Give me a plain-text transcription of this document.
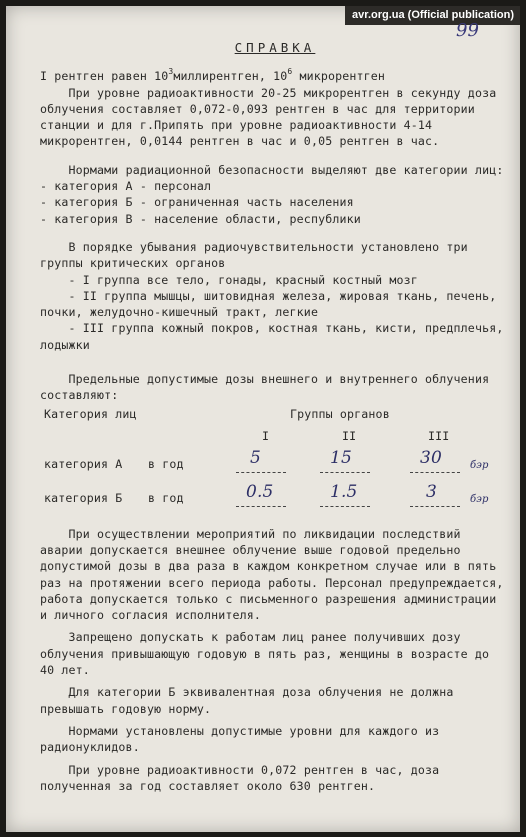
avr.org.ua (Official publication)
99
СПРАВКА

I рентген равен $10^3миллирентген$, $10^6$ микрорентген

При уровне радиоактивности 20-25 микрорентген в секунду доза облучения составляет 0,072-0,093 рентген в час для территории станции и для г.Припять при уровне радиоактивности 4-14 микрорентген, 0,0144 рентген в час и 0,05 рентген в час.

Нормами радиационной безопасности выделяют две категории лиц:

- категория А - персонал

- категория Б - ограниченная часть населения

- категория В - население области, республики

В порядке убывания радиочувствительности установлено три группы критических органов

- I группа все тело, гонады, красный костный мозг

- II группа мышцы, шитовидная железа, жировая ткань, печень, почки, желудочно-кишечный тракт, легкие

- III группа кожный покров, костная ткань, кисти, предплечья, лодыжки

Предельные допустимые дозы внешнего и внутреннего облучения составляют:

Категория лиц	Группы органов
I	II	III
категория А в год	5	15	30	бэр
категория Б в год	0.5	1.5	3	бэр

При осуществлении мероприятий по ликвидации последствий аварии допускается внешнее облучение выше годовой предельно допустимой дозы в два раза в каждом конкретном случае или в пять раз на протяжении всего периода работы. Персонал предупреждается, работа допускается только с письменного разрешения администрации и личного согласия исполнителя.

Запрещено допускать к работам лиц ранее получивших дозу облучения привышающую годовую в пять раз, женщины в возрасте до 40 лет.

Для категории Б эквивалентная доза облучения не должна превышать годовую норму.

Нормами установлены допустимые уровни для каждого из радионуклидов.

При уровне радиоактивности 0,072 рентген в час, доза полученная за год составляет около 630 рентген.
